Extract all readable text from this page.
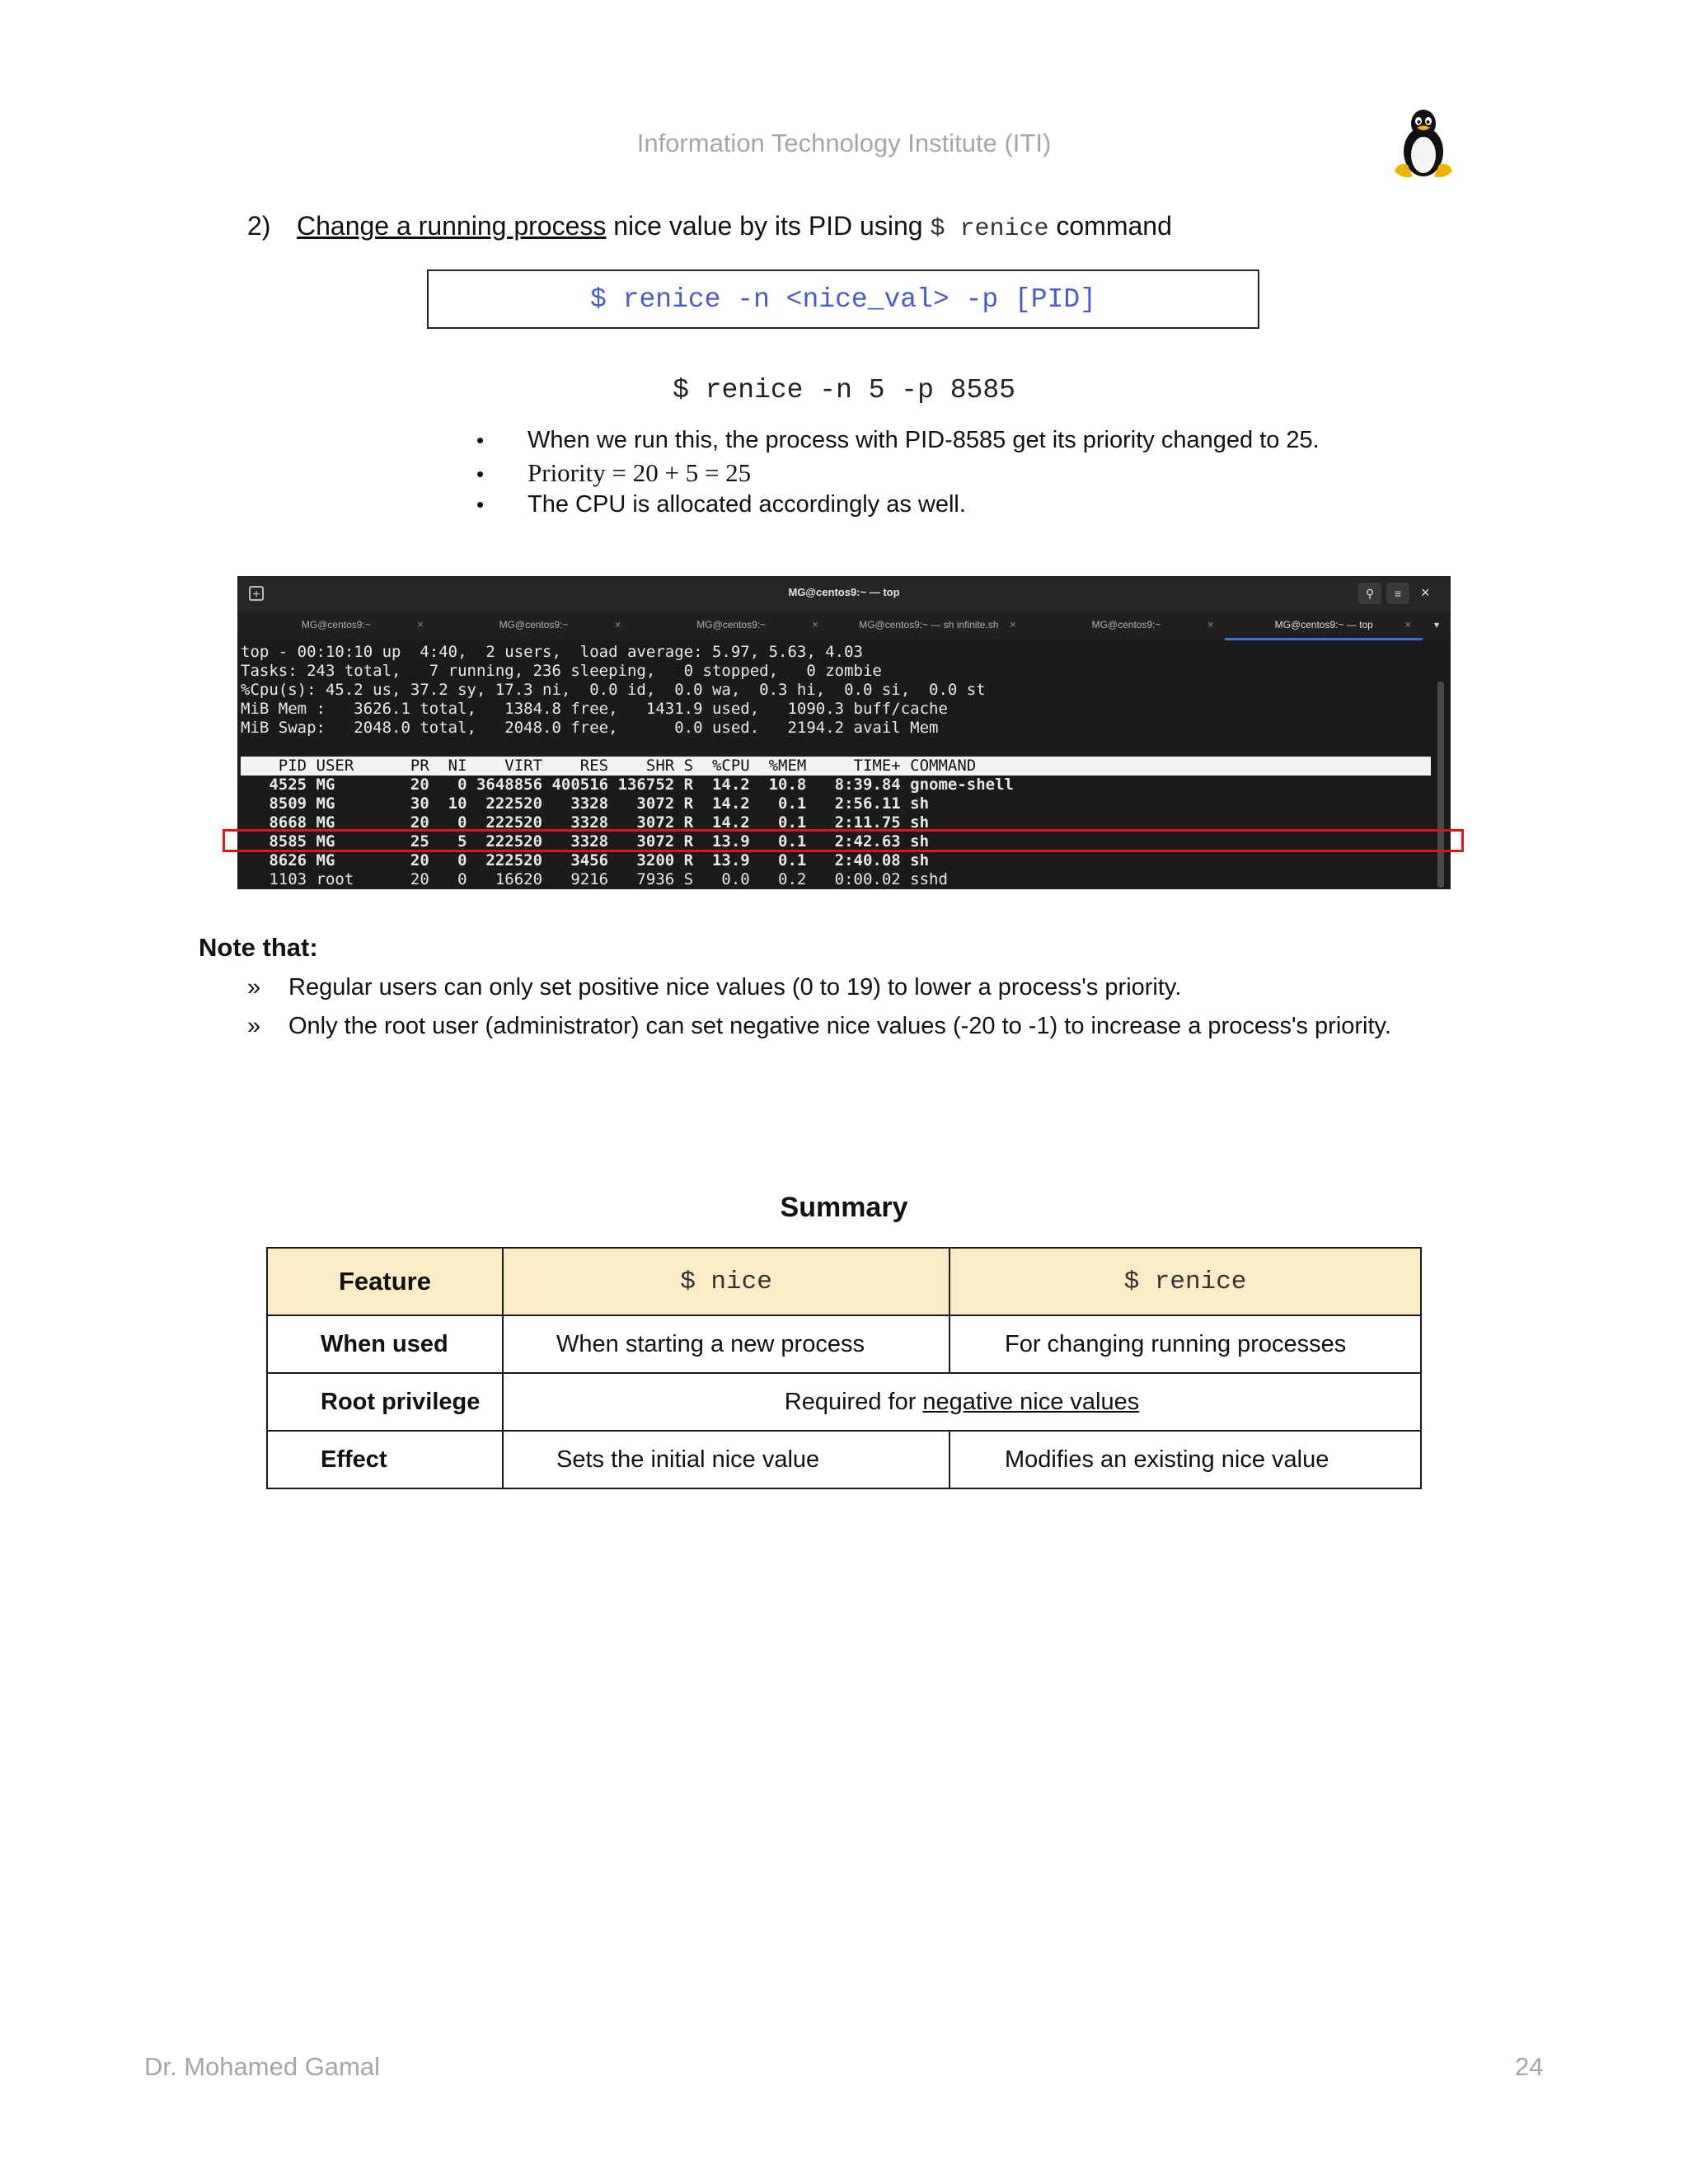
Information Technology Institute (ITI)
2) Change a running process nice value by its PID using $ renice command
$ renice -n <nice_val> -p [PID]
$ renice -n 5 -p 8585
• When we run this, the process with PID-8585 get its priority changed to 25.
• Priority = 20 + 5 = 25
• The CPU is allocated accordingly as well.
+	MG@centos9:~ — top	⚲	≡	×
MG@centos9:~	×	MG@centos9:~	×	MG@centos9:~	×	MG@centos9:~ — sh infinite.sh ×	MG@centos9:~	×	MG@centos9:~ — top	×	▾
top - 00:10:10 up  4:40,  2 users,  load average: 5.97, 5.63, 4.03
Tasks: 243 total,   7 running, 236 sleeping,   0 stopped,   0 zombie
%Cpu(s): 45.2 us, 37.2 sy, 17.3 ni,  0.0 id,  0.0 wa,  0.3 hi,  0.0 si,  0.0 st
MiB Mem :   3626.1 total,   1384.8 free,   1431.9 used,   1090.3 buff/cache
MiB Swap:   2048.0 total,   2048.0 free,      0.0 used.   2194.2 avail Mem

PID USER      PR  NI    VIRT    RES    SHR S  %CPU  %MEM     TIME+ COMMAND
4525 MG        20   0 3648856 400516 136752 R  14.2  10.8   8:39.84 gnome-shell
8509 MG        30  10  222520   3328   3072 R  14.2   0.1   2:56.11 sh
8668 MG        20   0  222520   3328   3072 R  14.2   0.1   2:11.75 sh
8585 MG        25   5  222520   3328   3072 R  13.9   0.1   2:42.63 sh
8626 MG        20   0  222520   3456   3200 R  13.9   0.1   2:40.08 sh
1103 root      20   0   16620   9216   7936 S   0.0   0.2   0:00.02 sshd
Note that:
» Regular users can only set positive nice values (0 to 19) to lower a process's priority.
» Only the root user (administrator) can set negative nice values (-20 to -1) to increase a process's priority.
Summary
Feature	$ nice	$ renice
When used	When starting a new process	For changing running processes
Root privilege	Required for negative nice values	
Effect	Sets the initial nice value	Modifies an existing nice value
Dr. Mohamed Gamal	24
